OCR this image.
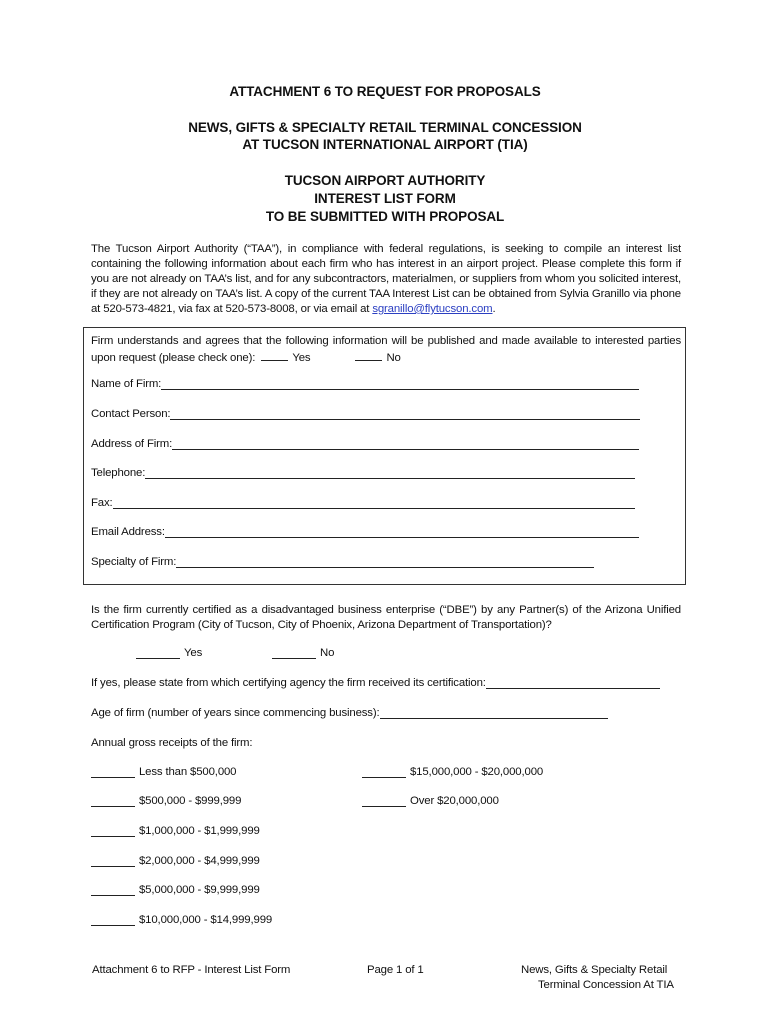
ATTACHMENT 6 TO REQUEST FOR PROPOSALS
NEWS, GIFTS & SPECIALTY RETAIL TERMINAL CONCESSION
AT TUCSON INTERNATIONAL AIRPORT (TIA)
TUCSON AIRPORT AUTHORITY
INTEREST LIST FORM
TO BE SUBMITTED WITH PROPOSAL
The Tucson Airport Authority (“TAA”), in compliance with federal regulations, is seeking to compile an interest list containing the following information about each firm who has interest in an airport project. Please complete this form if you are not already on TAA’s list, and for any subcontractors, materialmen, or suppliers from whom you solicited interest, if they are not already on TAA’s list. A copy of the current TAA Interest List can be obtained from Sylvia Granillo via phone at 520-573-4821, via fax at 520-573-8008, or via email at sgranillo@flytucson.com.
Firm understands and agrees that the following information will be published and made available to interested parties upon request (please check one):	Yes	No
Name of Firm:
Contact Person:
Address of Firm:
Telephone:
Fax:
Email Address:
Specialty of Firm:
Is the firm currently certified as a disadvantaged business enterprise (“DBE”) by any Partner(s) of the Arizona Unified Certification Program (City of Tucson, City of Phoenix, Arizona Department of Transportation)?
Yes	No
If yes, please state from which certifying agency the firm received its certification:
Age of firm (number of years since commencing business):
Annual gross receipts of the firm:
Less than $500,000
$500,000 - $999,999
$1,000,000 - $1,999,999
$2,000,000 - $4,999,999
$5,000,000 - $9,999,999
$10,000,000 - $14,999,999
$15,000,000 - $20,000,000
Over $20,000,000
Attachment 6 to RFP - Interest List Form	Page 1 of 1	News, Gifts & Specialty Retail
Terminal Concession At TIA
